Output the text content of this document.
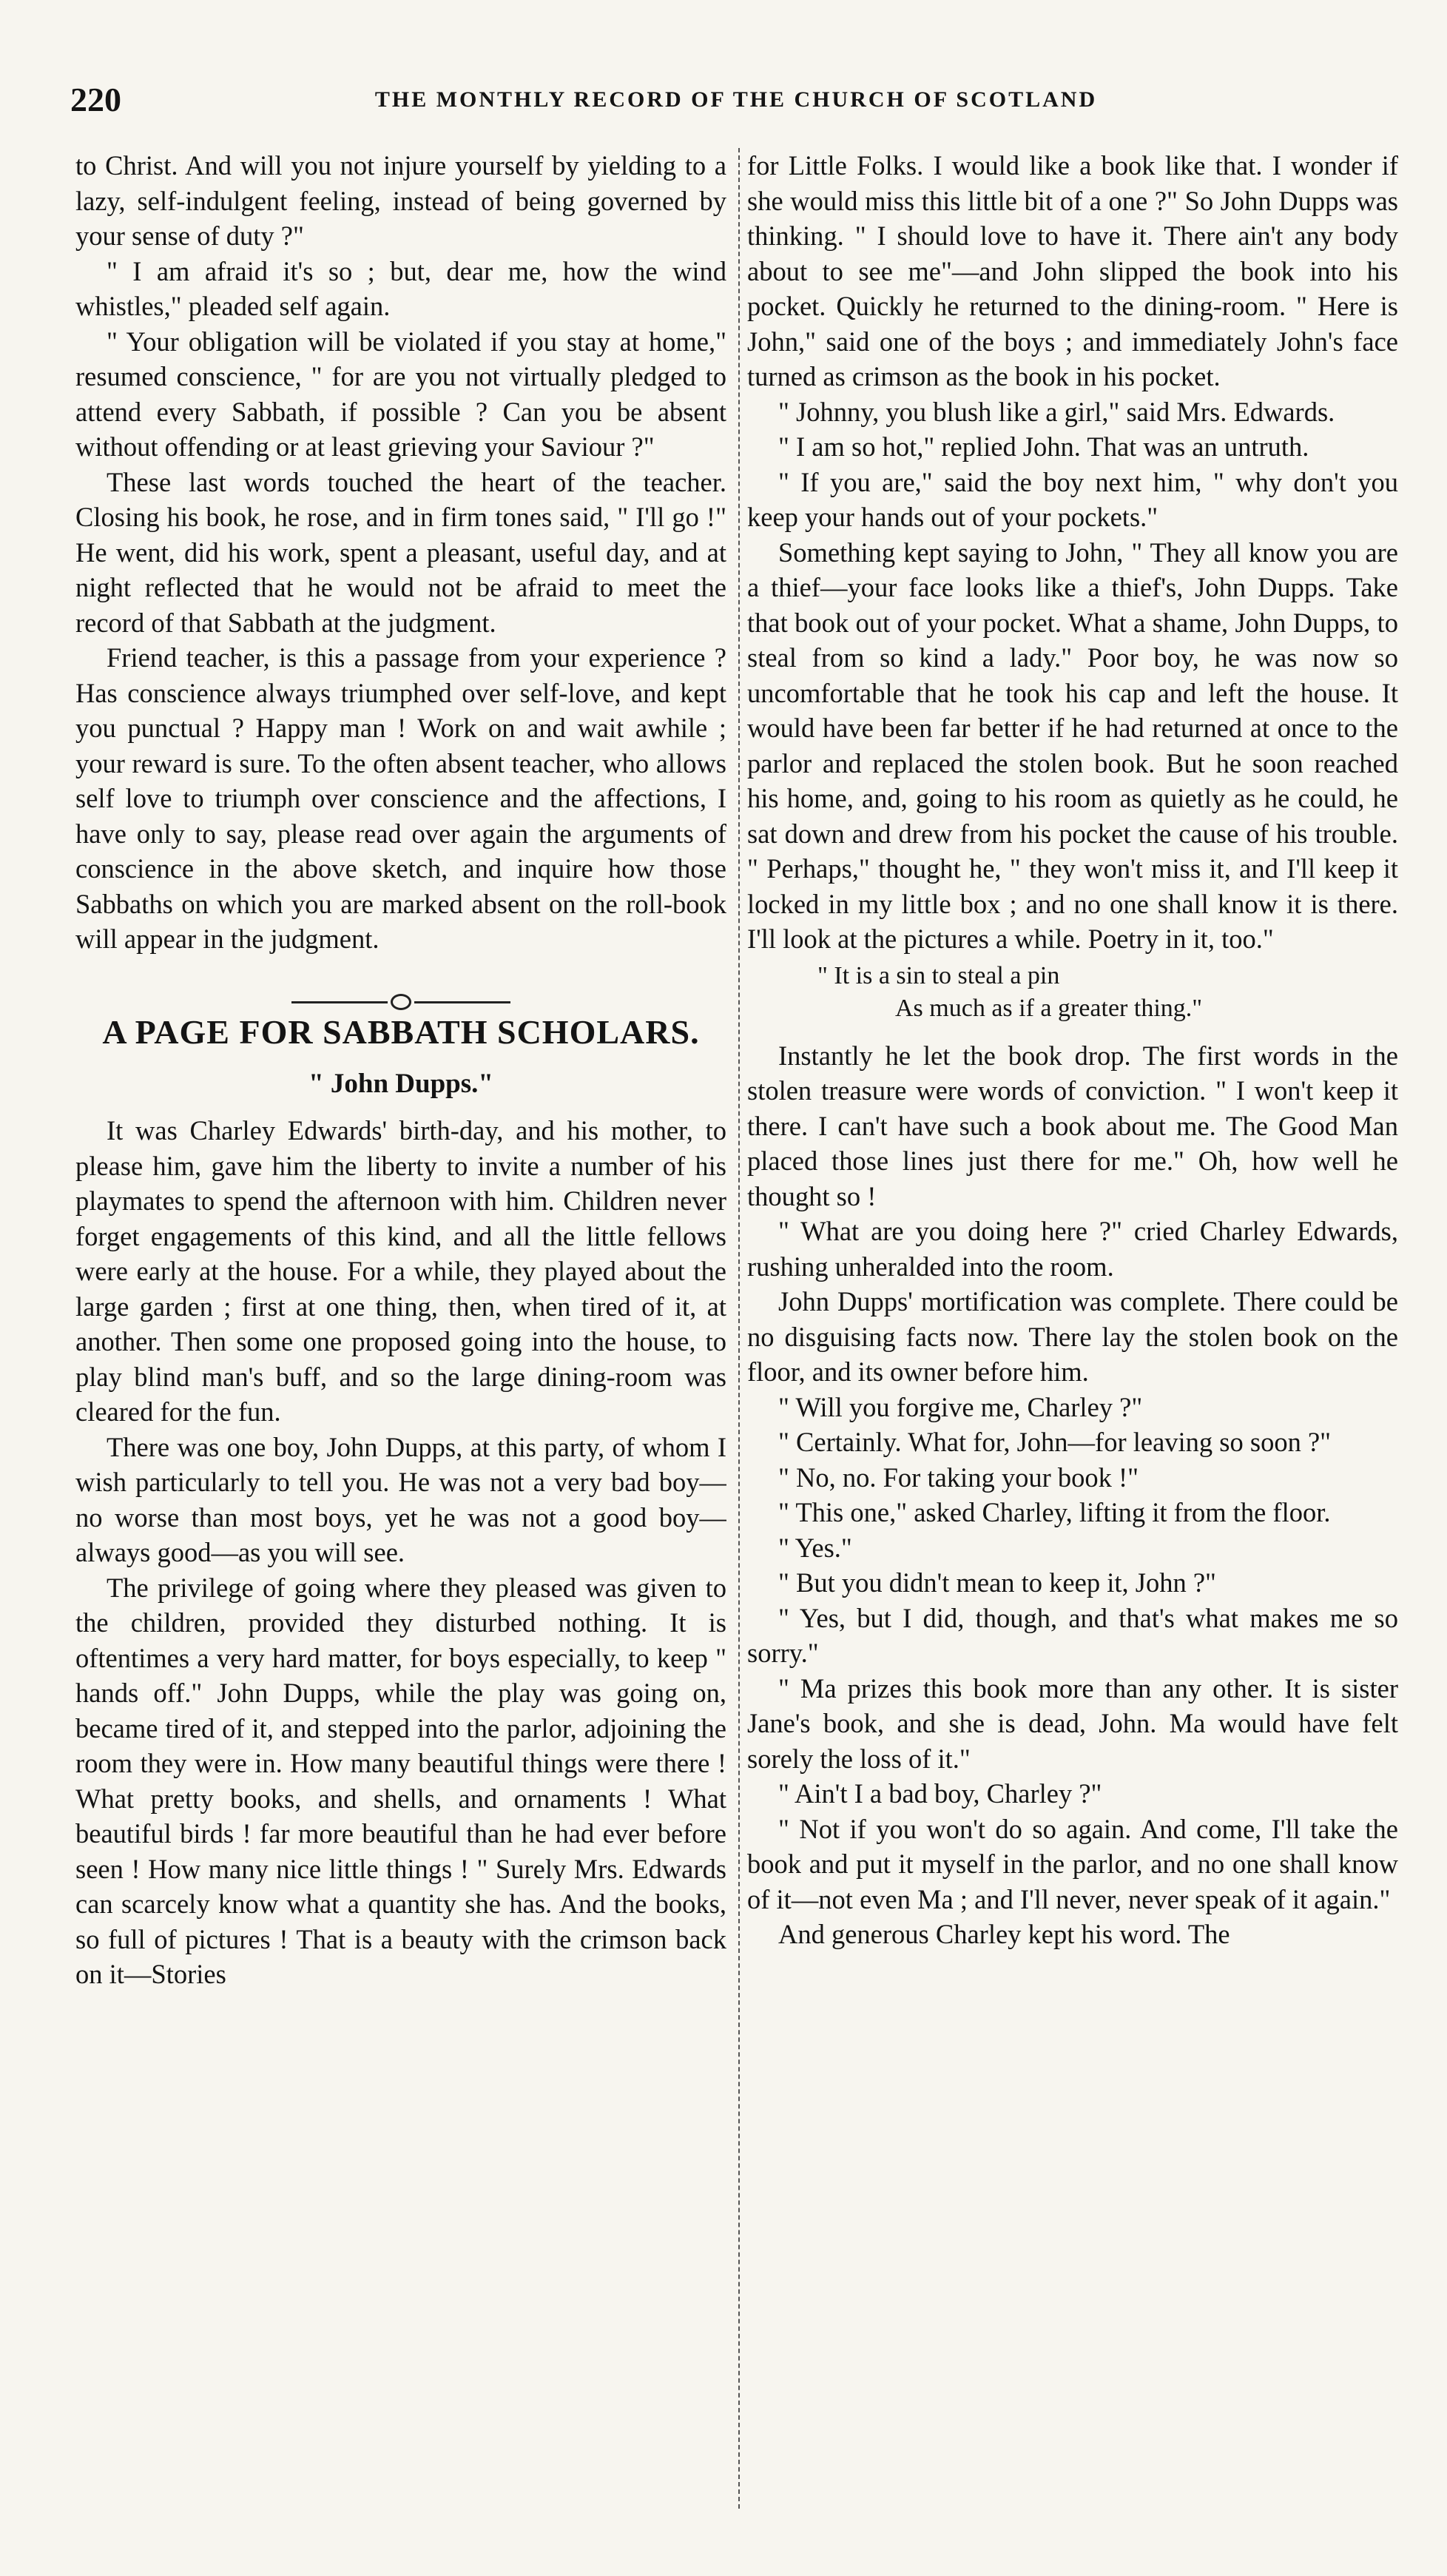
220	THE MONTHLY RECORD OF THE CHURCH OF SCOTLAND

to Christ. And will you not injure yourself by yielding to a lazy, self-indulgent feeling, instead of being governed by your sense of duty ?"

" I am afraid it's so ; but, dear me, how the wind whistles," pleaded self again.

" Your obligation will be violated if you stay at home," resumed conscience, " for are you not virtually pledged to attend every Sabbath, if possible ? Can you be absent without offending or at least grieving your Saviour ?"

These last words touched the heart of the teacher. Closing his book, he rose, and in firm tones said, " I'll go !" He went, did his work, spent a pleasant, useful day, and at night reflected that he would not be afraid to meet the record of that Sabbath at the judgment.

Friend teacher, is this a passage from your experience ? Has conscience always triumphed over self-love, and kept you punctual ? Happy man ! Work on and wait awhile ; your reward is sure. To the often absent teacher, who allows self love to triumph over conscience and the affections, I have only to say, please read over again the arguments of conscience in the above sketch, and inquire how those Sabbaths on which you are marked absent on the roll-book will appear in the judgment.

A PAGE FOR SABBATH SCHOLARS.
" John Dupps."

It was Charley Edwards' birth-day, and his mother, to please him, gave him the liberty to invite a number of his playmates to spend the afternoon with him. Children never forget engagements of this kind, and all the little fellows were early at the house. For a while, they played about the large garden ; first at one thing, then, when tired of it, at another. Then some one proposed going into the house, to play blind man's buff, and so the large dining-room was cleared for the fun.

There was one boy, John Dupps, at this party, of whom I wish particularly to tell you. He was not a very bad boy—no worse than most boys, yet he was not a good boy—always good—as you will see.

The privilege of going where they pleased was given to the children, provided they disturbed nothing. It is oftentimes a very hard matter, for boys especially, to keep " hands off." John Dupps, while the play was going on, became tired of it, and stepped into the parlor, adjoining the room they were in. How many beautiful things were there ! What pretty books, and shells, and ornaments ! What beautiful birds ! far more beautiful than he had ever before seen ! How many nice little things ! " Surely Mrs. Edwards can scarcely know what a quantity she has. And the books, so full of pictures ! That is a beauty with the crimson back on it—Stories

for Little Folks. I would like a book like that. I wonder if she would miss this little bit of a one ?" So John Dupps was thinking. " I should love to have it. There ain't any body about to see me"—and John slipped the book into his pocket. Quickly he returned to the dining-room. " Here is John," said one of the boys ; and immediately John's face turned as crimson as the book in his pocket.

" Johnny, you blush like a girl," said Mrs. Edwards.

" I am so hot," replied John. That was an untruth.

" If you are," said the boy next him, " why don't you keep your hands out of your pockets."

Something kept saying to John, " They all know you are a thief—your face looks like a thief's, John Dupps. Take that book out of your pocket. What a shame, John Dupps, to steal from so kind a lady." Poor boy, he was now so uncomfortable that he took his cap and left the house. It would have been far better if he had returned at once to the parlor and replaced the stolen book. But he soon reached his home, and, going to his room as quietly as he could, he sat down and drew from his pocket the cause of his trouble. " Perhaps," thought he, " they won't miss it, and I'll keep it locked in my little box ; and no one shall know it is there. I'll look at the pictures a while. Poetry in it, too."

" It is a sin to steal a pin
As much as if a greater thing."

Instantly he let the book drop. The first words in the stolen treasure were words of conviction. " I won't keep it there. I can't have such a book about me. The Good Man placed those lines just there for me." Oh, how well he thought so !

" What are you doing here ?" cried Charley Edwards, rushing unheralded into the room.

John Dupps' mortification was complete. There could be no disguising facts now. There lay the stolen book on the floor, and its owner before him.

" Will you forgive me, Charley ?"

" Certainly. What for, John—for leaving so soon ?"

" No, no. For taking your book !"

" This one," asked Charley, lifting it from the floor.

" Yes."

" But you didn't mean to keep it, John ?"

" Yes, but I did, though, and that's what makes me so sorry."

" Ma prizes this book more than any other. It is sister Jane's book, and she is dead, John. Ma would have felt sorely the loss of it."

" Ain't I a bad boy, Charley ?"

" Not if you won't do so again. And come, I'll take the book and put it myself in the parlor, and no one shall know of it—not even Ma ; and I'll never, never speak of it again."

And generous Charley kept his word. The
